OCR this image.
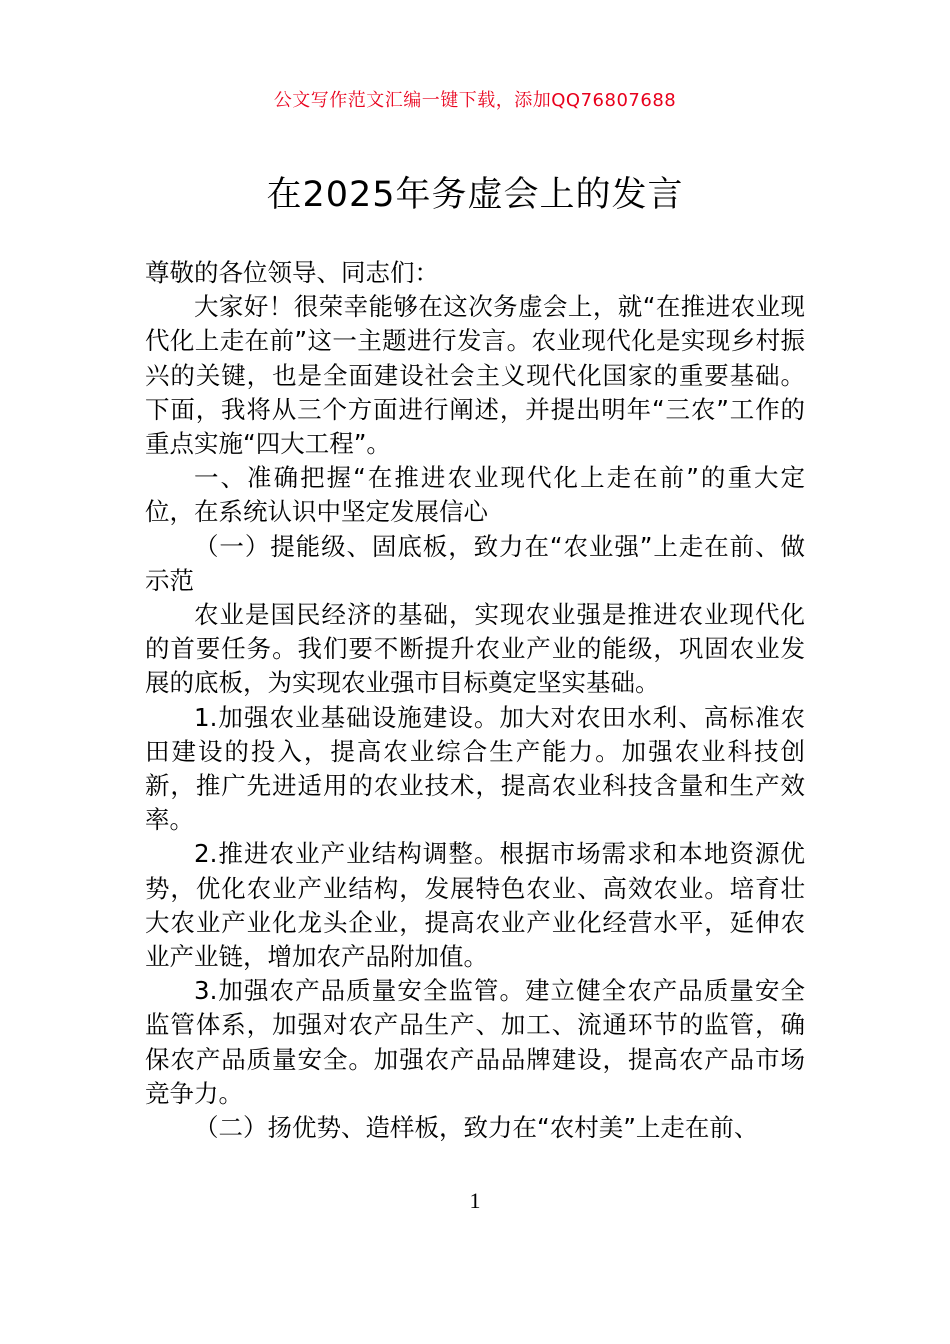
公文写作范文汇编一键下载，添加QQ76807688
在2025年务虚会上的发言

尊敬的各位领导、同志们：

大家好！很荣幸能够在这次务虚会上，就“在推进农业现代化上走在前”这一主题进行发言。农业现代化是实现乡村振兴的关键，也是全面建设社会主义现代化国家的重要基础。下面，我将从三个方面进行阐述，并提出明年“三农”工作的重点实施“四大工程”。

一、准确把握“在推进农业现代化上走在前”的重大定位，在系统认识中坚定发展信心

（一）提能级、固底板，致力在“农业强”上走在前、做示范

农业是国民经济的基础，实现农业强是推进农业现代化的首要任务。我们要不断提升农业产业的能级，巩固农业发展的底板，为实现农业强市目标奠定坚实基础。

1.加强农业基础设施建设。加大对农田水利、高标准农田建设的投入，提高农业综合生产能力。加强农业科技创新，推广先进适用的农业技术，提高农业科技含量和生产效率。

2.推进农业产业结构调整。根据市场需求和本地资源优势，优化农业产业结构，发展特色农业、高效农业。培育壮大农业产业化龙头企业，提高农业产业化经营水平，延伸农业产业链，增加农产品附加值。

3.加强农产品质量安全监管。建立健全农产品质量安全监管体系，加强对农产品生产、加工、流通环节的监管，确保农产品质量安全。加强农产品品牌建设，提高农产品市场竞争力。

（二）扬优势、造样板，致力在“农村美”上走在前、

1
